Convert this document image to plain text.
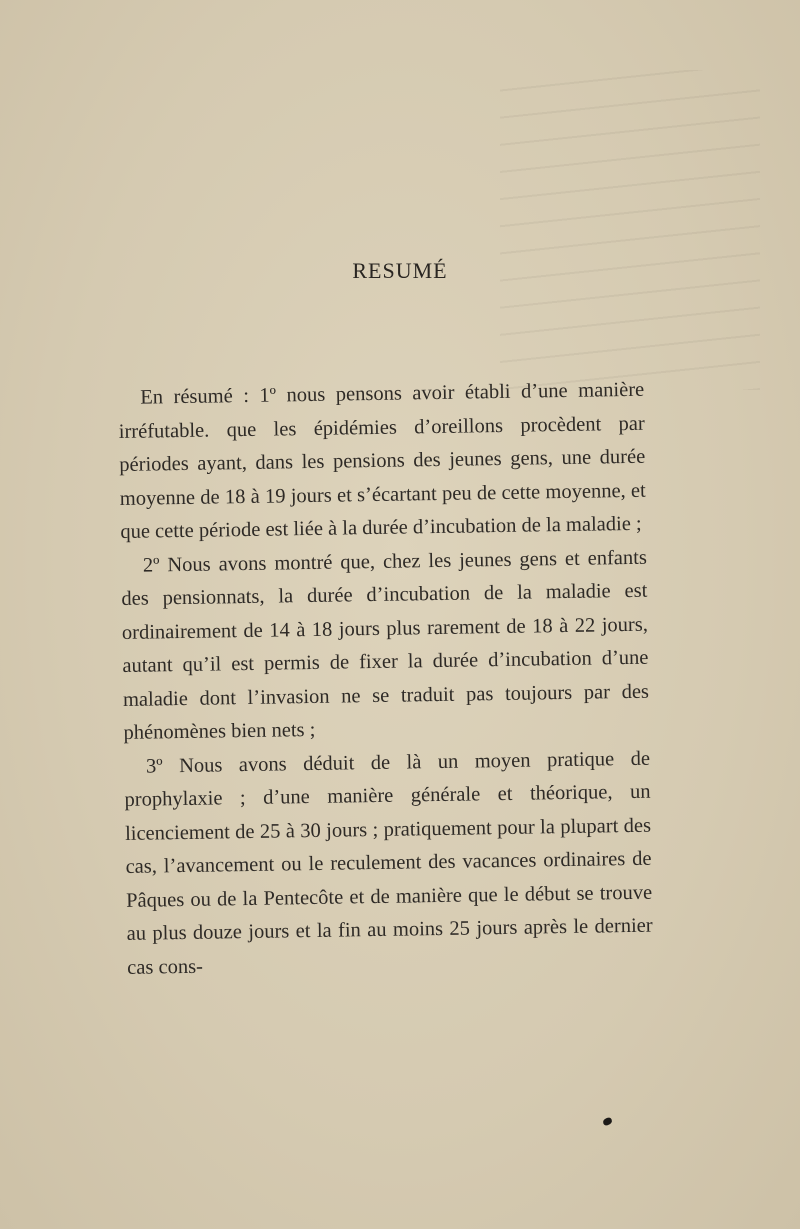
RESUMÉ

En résumé : 1º nous pensons avoir établi d’une manière irréfutable. que les épidémies d’oreillons procèdent par périodes ayant, dans les pensions des jeunes gens, une durée moyenne de 18 à 19 jours et s’écartant peu de cette moyenne, et que cette période est liée à la durée d’incubation de la maladie ;

2º Nous avons montré que, chez les jeunes gens et enfants des pensionnats, la durée d’incubation de la maladie est ordinairement de 14 à 18 jours plus rarement de 18 à 22 jours, autant qu’il est permis de fixer la durée d’incubation d’une maladie dont l’invasion ne se traduit pas toujours par des phénomènes bien nets ;

3º Nous avons déduit de là un moyen pratique de prophylaxie ; d’une manière générale et théorique, un licenciement de 25 à 30 jours ; pratiquement pour la plupart des cas, l’avancement ou le reculement des vacances ordinaires de Pâques ou de la Pentecôte et de manière que le début se trouve au plus douze jours et la fin au moins 25 jours après le dernier cas cons-
